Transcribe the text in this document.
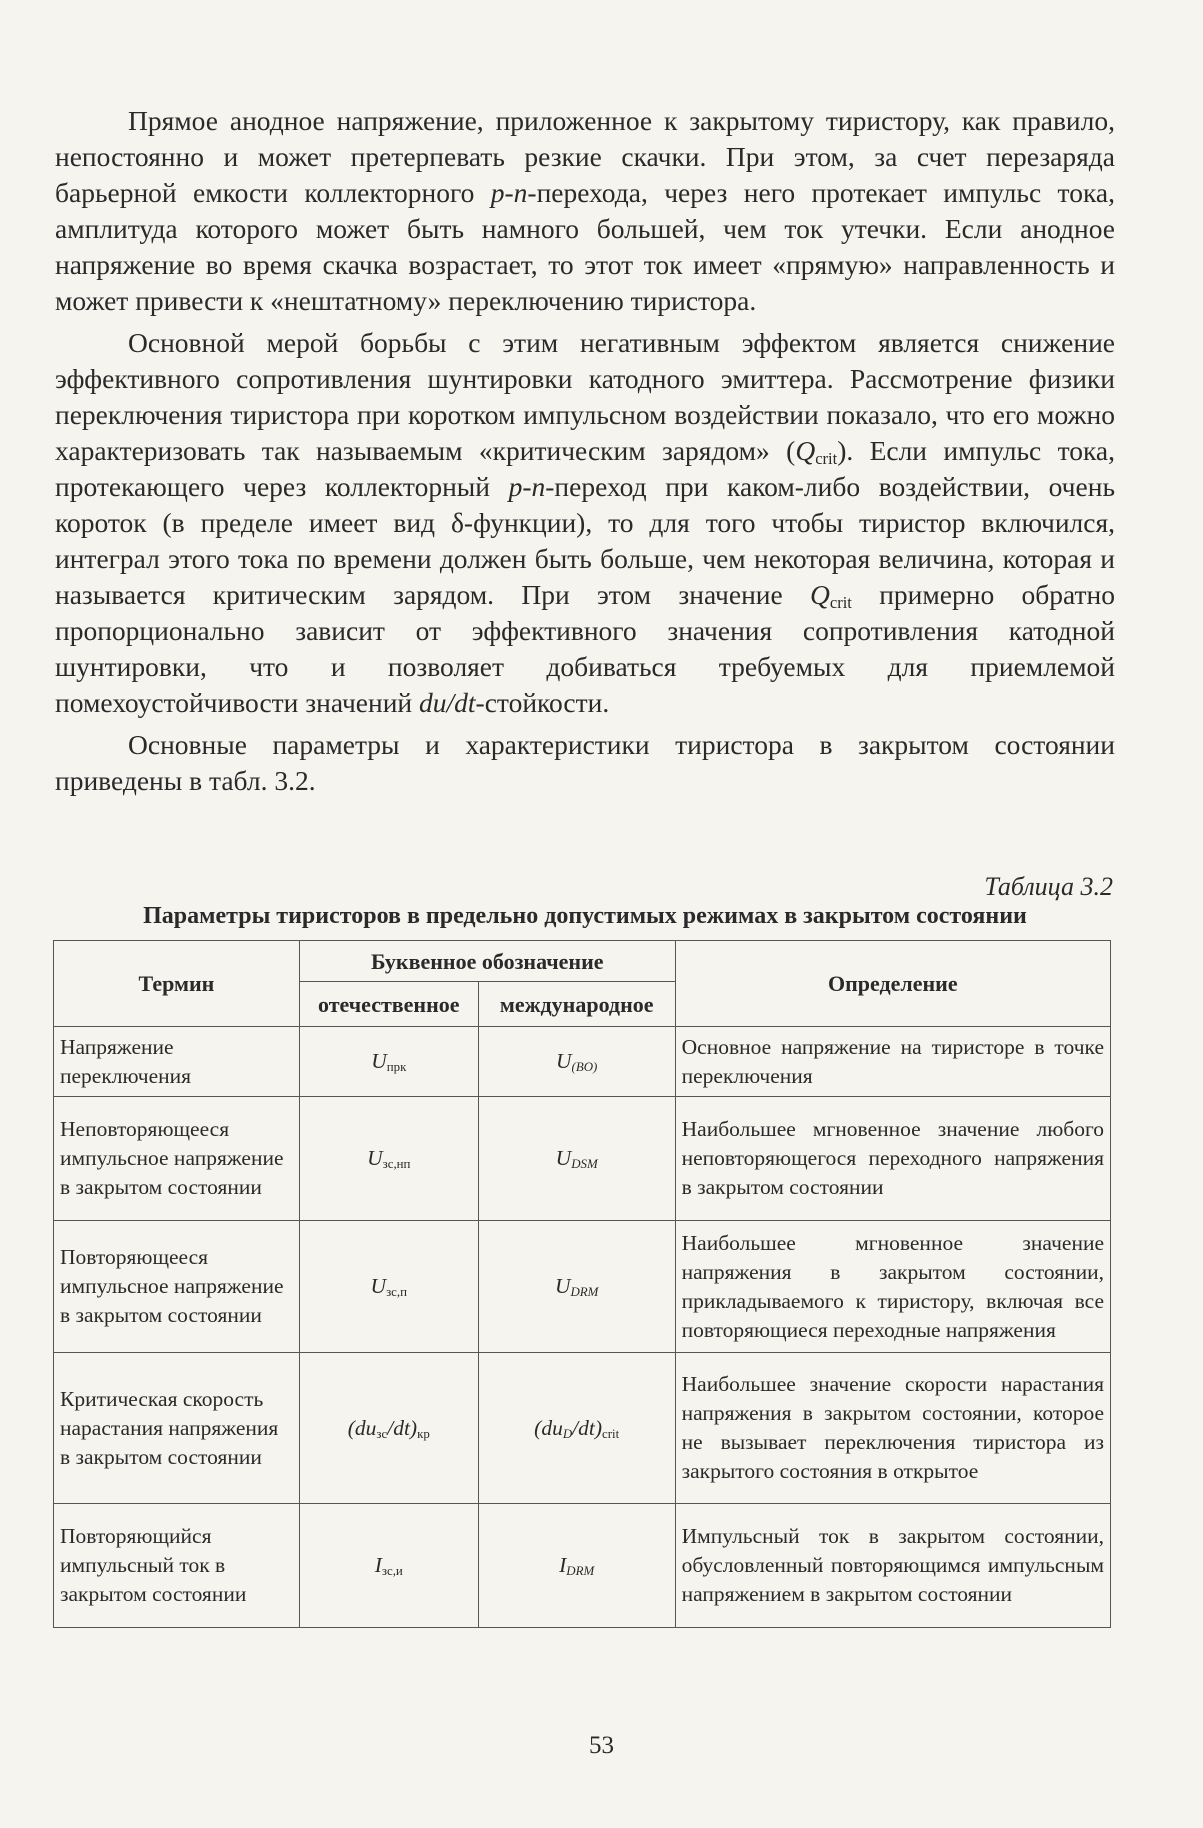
Прямое анодное напряжение, приложенное к закрытому тиристору, как правило, непостоянно и может претерпевать резкие скачки. При этом, за счет перезаряда барьерной емкости коллекторного p-n-перехода, через него протекает импульс тока, амплитуда которого может быть намного большей, чем ток утечки. Если анодное напряжение во время скачка возрастает, то этот ток имеет «прямую» направленность и может привести к «нештатному» переключению тиристора.

Основной мерой борьбы с этим негативным эффектом является снижение эффективного сопротивления шунтировки катодного эмиттера. Рассмотрение физики переключения тиристора при коротком импульсном воздействии показало, что его можно характеризовать так называемым «критическим зарядом» $(Q_{crit})$. Если импульс тока, протекающего через коллекторный p-n-переход при каком-либо воздействии, очень короток (в пределе имеет вид δ-функции), то для того чтобы тиристор включился, интеграл этого тока по времени должен быть больше, чем некоторая величина, которая и называется критическим зарядом. При этом значение $Q_{crit}$ примерно обратно пропорционально зависит от эффективного значения сопротивления катодной шунтировки, что и позволяет добиваться требуемых для приемлемой помехоустойчивости значений du/dt-стойкости.

Основные параметры и характеристики тиристора в закрытом состоянии приведены в табл. 3.2.

Таблица 3.2
Параметры тиристоров в предельно допустимых режимах в закрытом состоянии
Термин	Буквенное обозначение		Определение
	отечественное	международное	
Напряжение переключения	$U_{прк}$	$U_{(BO)}$	Основное напряжение на тиристоре в точке переключения
Неповторяющееся импульсное напряжение в закрытом состоянии	$U_{зс,нп}$	$U_{DSM}$	Наибольшее мгновенное значение любого неповторяющегося переходного напряжения в закрытом состоянии
Повторяющееся импульсное напряжение в закрытом состоянии	$U_{зс,п}$	$U_{DRM}$	Наибольшее мгновенное значение напряжения в закрытом состоянии, прикладываемого к тиристору, включая все повторяющиеся переходные напряжения
Критическая скорость нарастания напряжения в закрытом состоянии	$(du_{зс}/dt)_{кр}$	$(du_D/dt)_{crit}$	Наибольшее значение скорости нарастания напряжения в закрытом состоянии, которое не вызывает переключения тиристора из закрытого состояния в открытое
Повторяющийся импульсный ток в закрытом состоянии	$I_{зс,и}$	$I_{DRM}$	Импульсный ток в закрытом состоянии, обусловленный повторяющимся импульсным напряжением в закрытом состоянии
53
